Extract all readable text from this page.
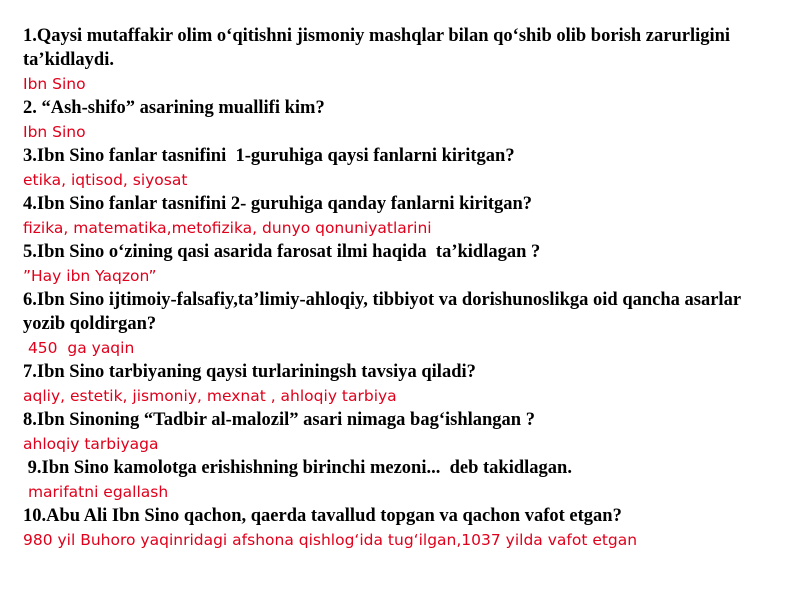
1.Qaysi mutaffakir olim o‘qitishni jismoniy mashqlar bilan qo‘shib olib borish zarurligini ta’kidlaydi.
Ibn Sino
2. “Ash-shifo” asarining muallifi kim?
Ibn Sino
3.Ibn Sino fanlar tasnifini  1-guruhiga qaysi fanlarni kiritgan?
etika, iqtisod, siyosat
4.Ibn Sino fanlar tasnifini 2- guruhiga qanday fanlarni kiritgan?
fizika, matematika,metofizika, dunyo qonuniyatlarini
5.Ibn Sino o‘zining qasi asarida farosat ilmi haqida  ta’kidlagan ?
”Hay ibn Yaqzon”
6.Ibn Sino ijtimoiy-falsafiy,ta’limiy-ahloqiy, tibbiyot va dorishunoslikga oid qancha asarlar yozib qoldirgan?
450  ga yaqin
7.Ibn Sino tarbiyaning qaysi turlariningsh tavsiya qiladi?
aqliy, estetik, jismoniy, mexnat , ahloqiy tarbiya
8.Ibn Sinoning “Tadbir al-malozil” asari nimaga bag‘ishlangan ?
ahloqiy tarbiyaga
9.Ibn Sino kamolotga erishishning birinchi mezoni...  deb takidlagan.
marifatni egallash
10.Abu Ali Ibn Sino qachon, qaerda tavallud topgan va qachon vafot etgan?
980 yil Buhoro yaqinridagi afshona qishlog‘ida tug‘ilgan,1037 yilda vafot etgan
